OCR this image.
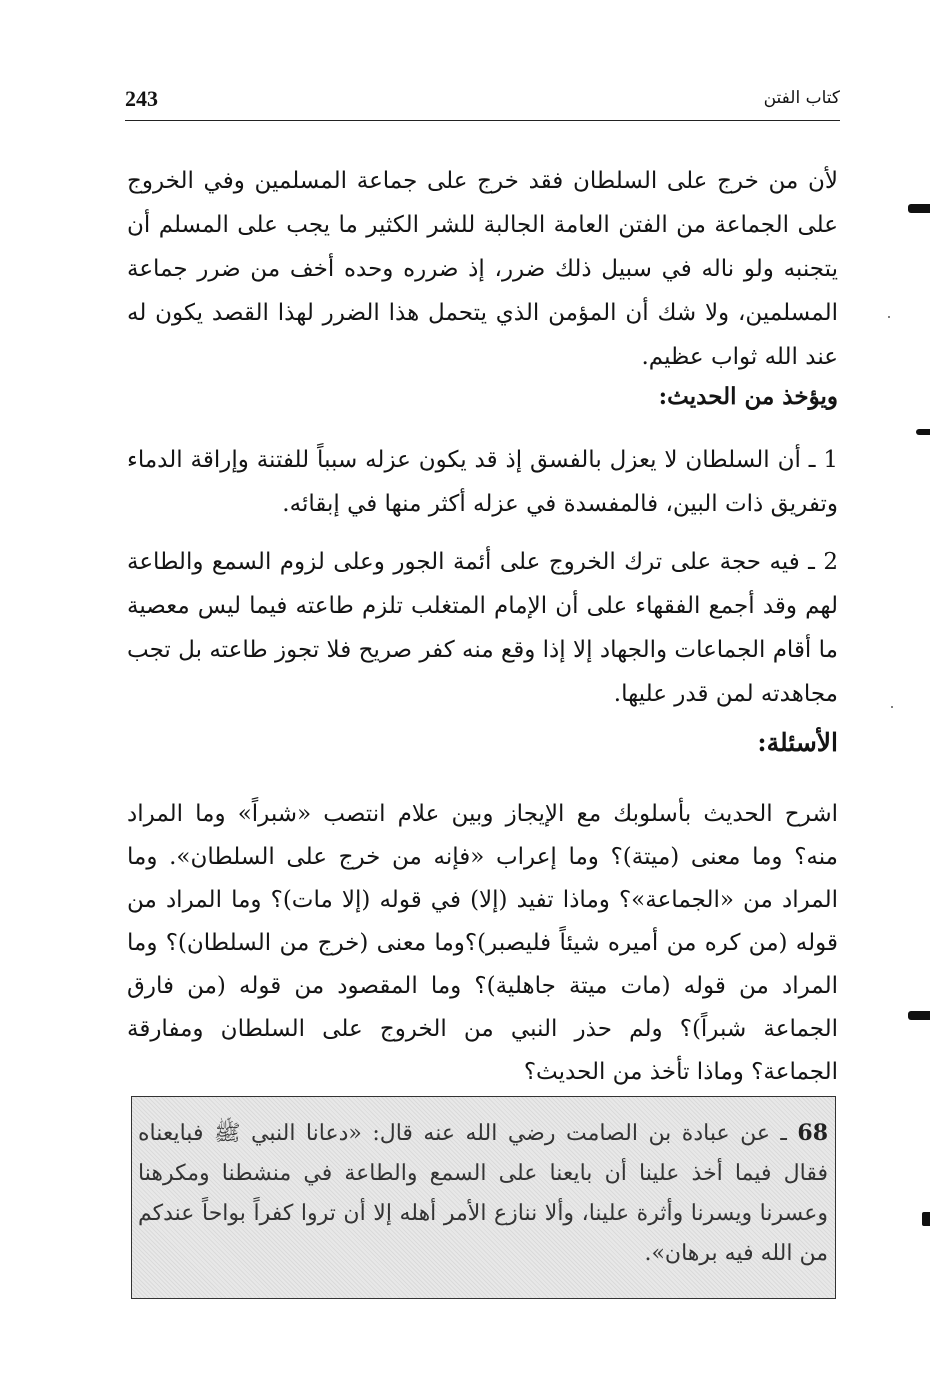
243	كتاب الفتن
لأن من خرج على السلطان فقد خرج على جماعة المسلمين وفي الخروج على الجماعة من الفتن العامة الجالبة للشر الكثير ما يجب على المسلم أن يتجنبه ولو ناله في سبيل ذلك ضرر، إذ ضرره وحده أخف من ضرر جماعة المسلمين، ولا شك أن المؤمن الذي يتحمل هذا الضرر لهذا القصد يكون له عند الله ثواب عظيم.
ويؤخذ من الحديث:
1 ـ أن السلطان لا يعزل بالفسق إذ قد يكون عزله سبباً للفتنة وإراقة الدماء وتفريق ذات البين، فالمفسدة في عزله أكثر منها في إبقائه.
2 ـ فيه حجة على ترك الخروج على أئمة الجور وعلى لزوم السمع والطاعة لهم وقد أجمع الفقهاء على أن الإمام المتغلب تلزم طاعته فيما ليس معصية ما أقام الجماعات والجهاد إلا إذا وقع منه كفر صريح فلا تجوز طاعته بل تجب مجاهدته لمن قدر عليها.
الأسئلة:
اشرح الحديث بأسلوبك مع الإيجاز وبين علام انتصب «شبراً» وما المراد منه؟ وما معنى (ميتة)؟ وما إعراب «فإنه من خرج على السلطان». وما المراد من «الجماعة»؟ وماذا تفيد (إلا) في قوله (إلا مات)؟ وما المراد من قوله (من كره من أميره شيئاً فليصبر)؟وما معنى (خرج من السلطان)؟ وما المراد من قوله (مات ميتة جاهلية)؟ وما المقصود من قوله (من فارق الجماعة شبراً)؟ ولم حذر النبي من الخروج على السلطان ومفارقة الجماعة؟ وماذا تأخذ من الحديث؟
68 ـ عن عبادة بن الصامت رضي الله عنه قال: «دعانا النبي ﷺ فبايعناه فقال فيما أخذ علينا أن بايعنا على السمع والطاعة في منشطنا ومكرهنا وعسرنا ويسرنا وأثرة علينا، وألا ننازع الأمر أهله إلا أن تروا كفراً بواحاً عندكم من الله فيه برهان».
